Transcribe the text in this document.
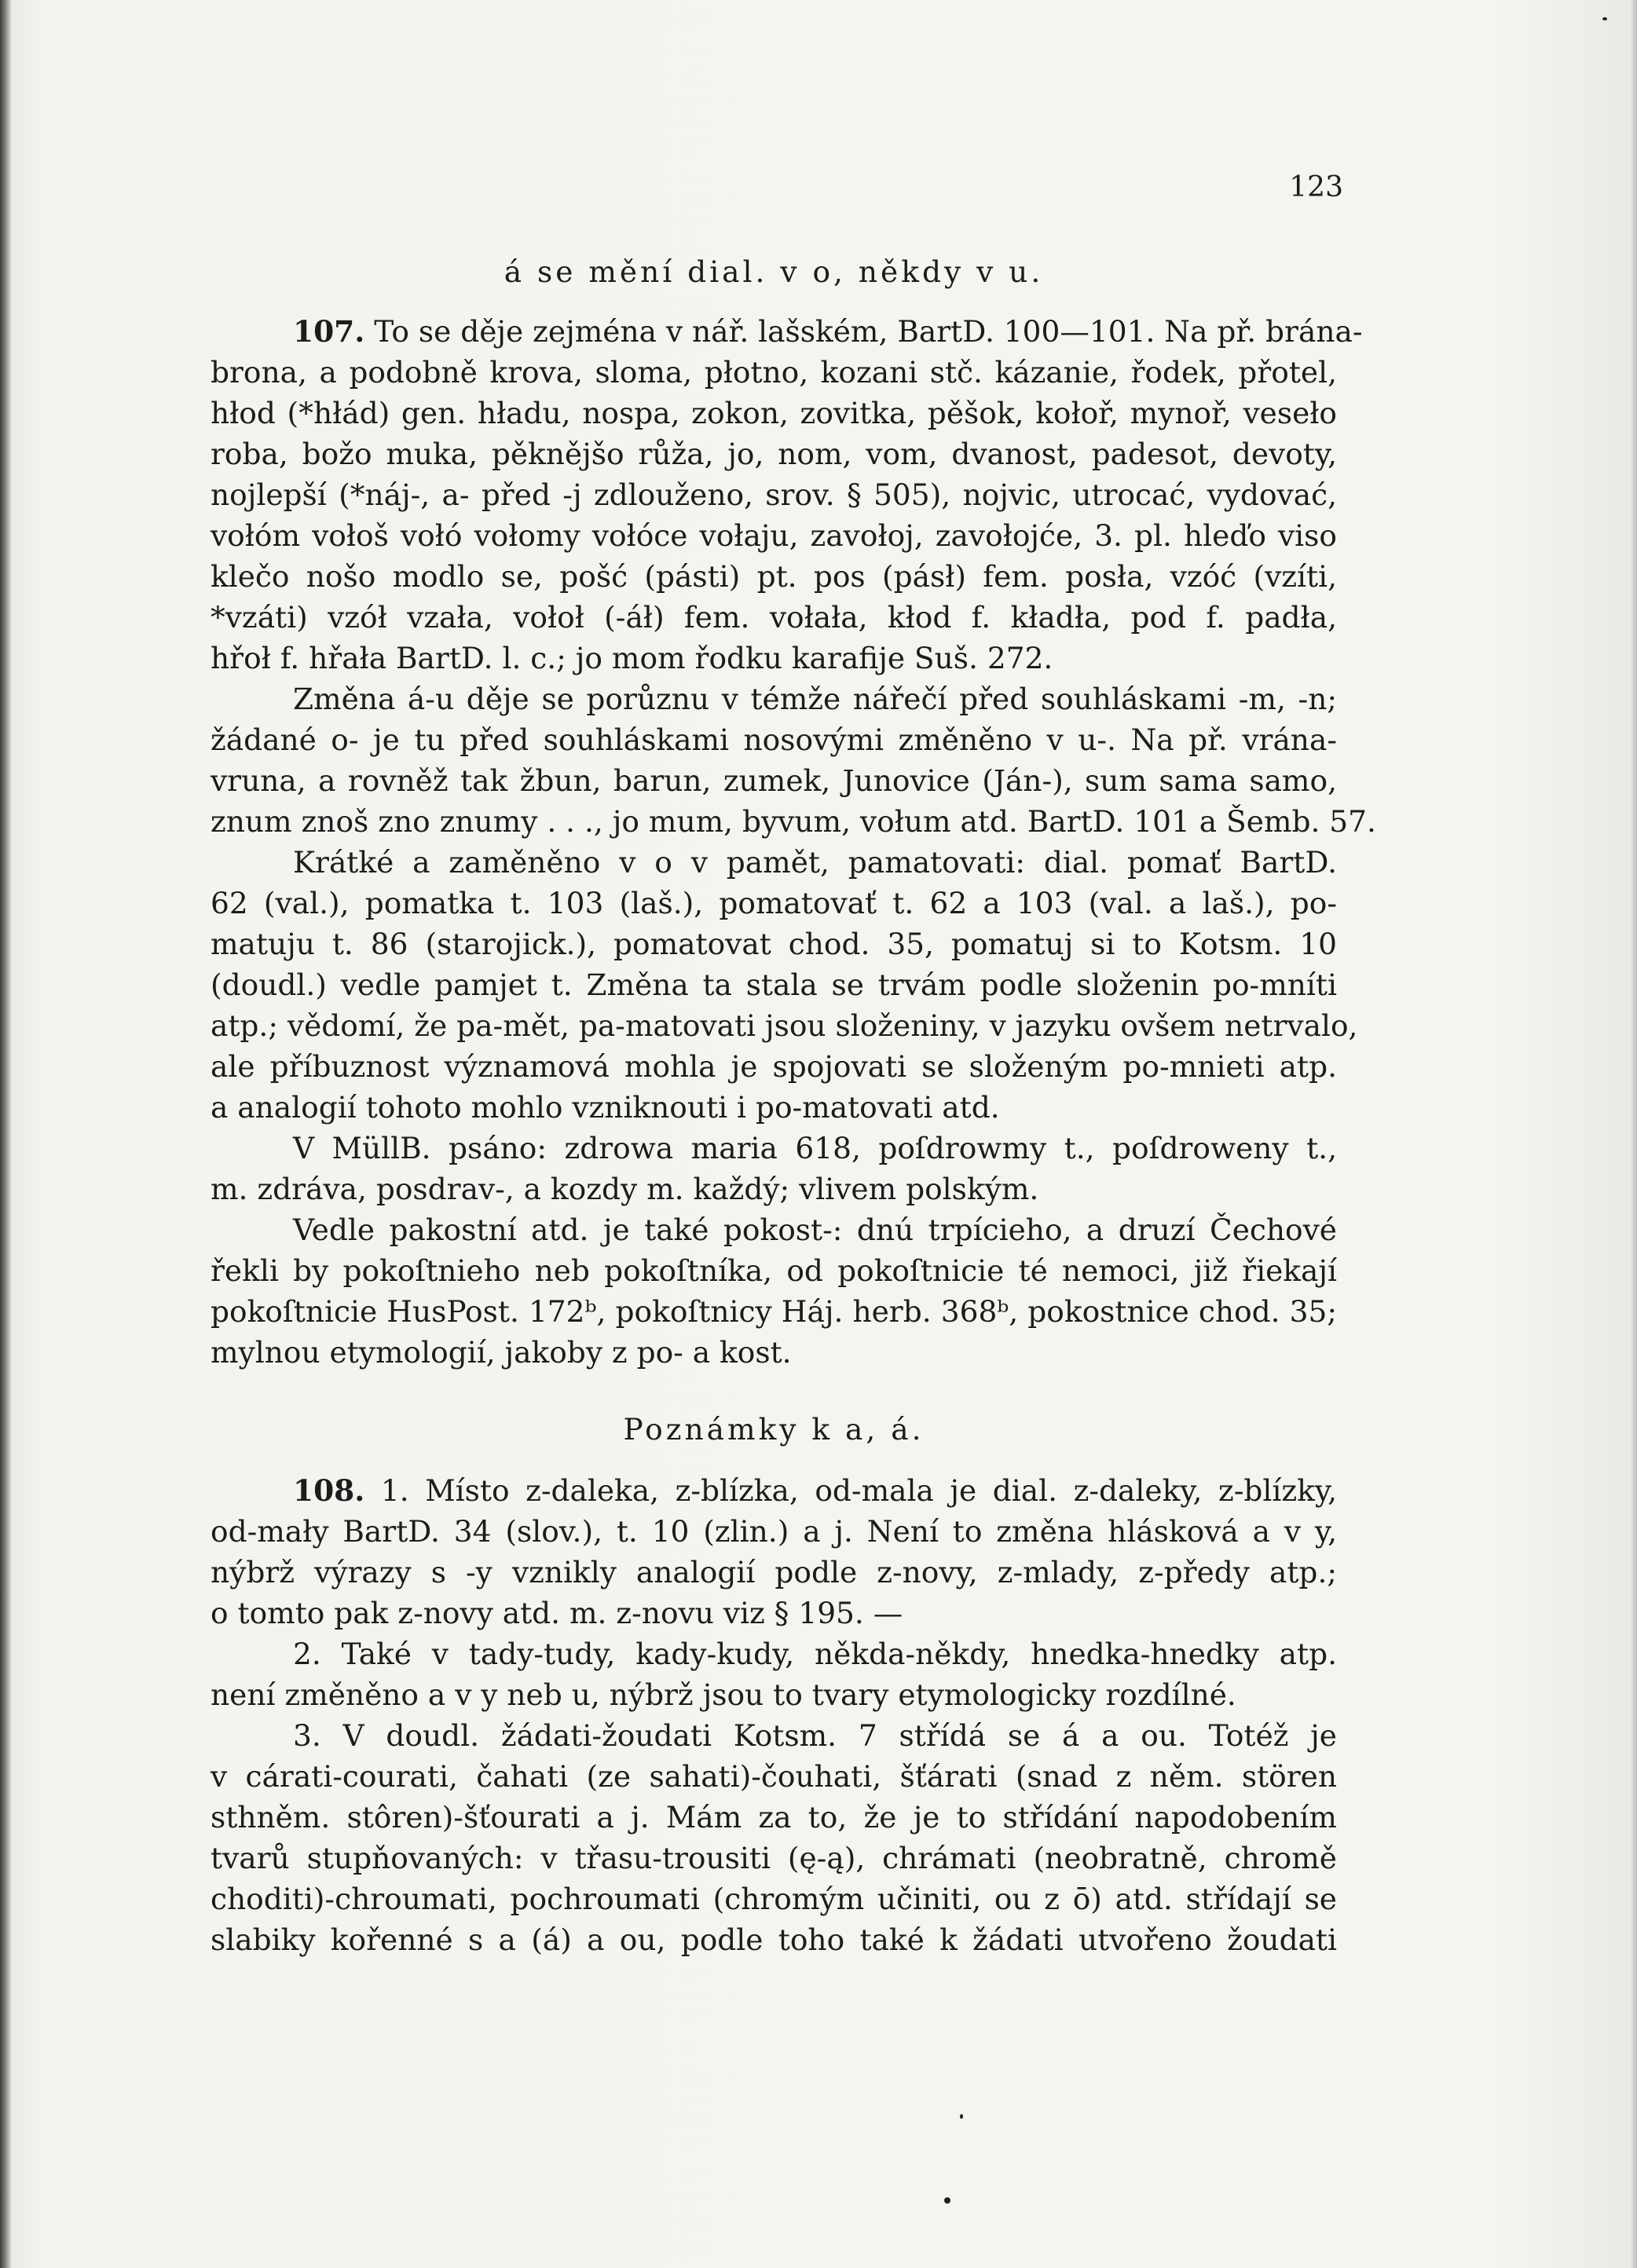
123
á se mění dial. v o, někdy v u.
107. To se děje zejména v nář. lašském, BartD. 100—101. Na př. brána-
brona, a podobně krova, sloma, płotno, kozani stč. kázanie, řodek, přotel,
hłod (*hłád) gen. hładu, nospa, zokon, zovitka, pěšok, kołoř, mynoř, veseło
roba, božo muka, pěknějšo růža, jo, nom, vom, dvanost, padesot, devoty,
nojlepší (*náj-, a- před -j zdlouženo, srov. § 505), nojvic, utrocać, vydovać,
vołóm vołoš vołó vołomy vołóce vołaju, zavołoj, zavołojće, 3. pl. hleďo viso
klečo nošo modlo se, pošć (pásti) pt. pos (pásł) fem. posła, vzóć (vzíti,
*vzáti) vzół vzała, vołoł (-áł) fem. vołała, kłod f. kładła, pod f. padła,
hřoł f. hřała BartD. l. c.; jo mom řodku karafije Suš. 272.
Změna á-u děje se porůznu v témže nářečí před souhláskami -m, -n;
žádané o- je tu před souhláskami nosovými změněno v u-. Na př. vrána-
vruna, a rovněž tak žbun, barun, zumek, Junovice (Ján-), sum sama samo,
znum znoš zno znumy . . ., jo mum, byvum, vołum atd. BartD. 101 a Šemb. 57.
Krátké a zaměněno v o v pamět, pamatovati: dial. pomať BartD.
62 (val.), pomatka t. 103 (laš.), pomatovať t. 62 a 103 (val. a laš.), po-
matuju t. 86 (starojick.), pomatovat chod. 35, pomatuj si to Kotsm. 10
(doudl.) vedle pamjet t. Změna ta stala se trvám podle složenin po-mníti
atp.; vědomí, že pa-mět, pa-matovati jsou složeniny, v jazyku ovšem netrvalo,
ale příbuznost významová mohla je spojovati se složeným po-mnieti atp.
a analogií tohoto mohlo vzniknouti i po-matovati atd.
V MüllB. psáno: zdrowa maria 618, poſdrowmy t., poſdroweny t.,
m. zdráva, posdrav-, a kozdy m. každý; vlivem polským.
Vedle pakostní atd. je také pokost-: dnú trpícieho, a druzí Čechové
řekli by pokoſtnieho neb pokoſtníka, od pokoſtnicie té nemoci, již řiekají
pokoſtnicie HusPost. 172ᵇ, pokoſtnicy Háj. herb. 368ᵇ, pokostnice chod. 35;
mylnou etymologií, jakoby z po- a kost.
Poznámky k a, á.
108. 1. Místo z-daleka, z-blízka, od-mala je dial. z-daleky, z-blízky,
od-mały BartD. 34 (slov.), t. 10 (zlin.) a j. Není to změna hlásková a v y,
nýbrž výrazy s -y vznikly analogií podle z-novy, z-mlady, z-předy atp.;
o tomto pak z-novy atd. m. z-novu viz § 195. —
2. Také v tady-tudy, kady-kudy, někda-někdy, hnedka-hnedky atp.
není změněno a v y neb u, nýbrž jsou to tvary etymologicky rozdílné.
3. V doudl. žádati-žoudati Kotsm. 7 střídá se á a ou. Totéž je
v cárati-courati, čahati (ze sahati)-čouhati, šťárati (snad z něm. stören
sthněm. stôren)-šťourati a j. Mám za to, že je to střídání napodobením
tvarů stupňovaných: v třasu-trousiti (ę-ą), chrámati (neobratně, chromě
choditi)-chroumati, pochroumati (chromým učiniti, ou z ō) atd. střídají se
slabiky kořenné s a (á) a ou, podle toho také k žádati utvořeno žoudati
